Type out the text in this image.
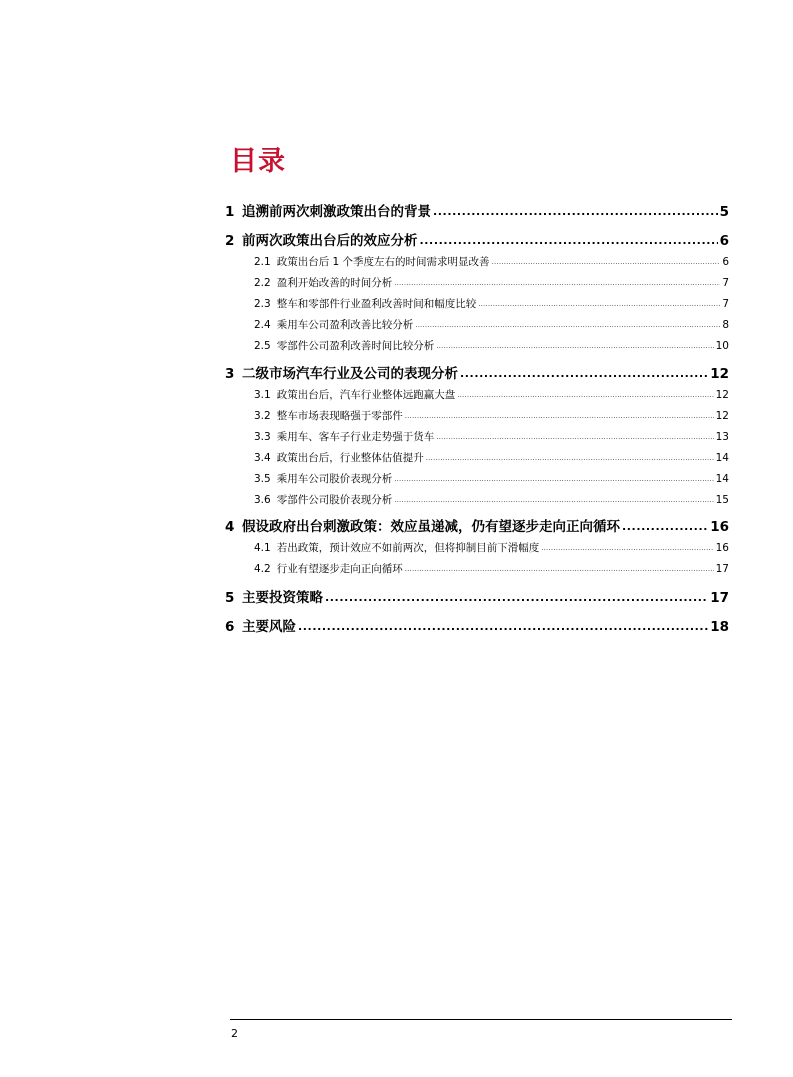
目录
1 追溯前两次刺激政策出台的背景 .....	5
2 前两次政策出台后的效应分析 .....	6
2.1 政策出台后 1 个季度左右的时间需求明显改善 .....	6
2.2 盈利开始改善的时间分析 .....	7
2.3 整车和零部件行业盈利改善时间和幅度比较 .....	7
2.4 乘用车公司盈利改善比较分析 .....	8
2.5 零部件公司盈利改善时间比较分析 .....	10
3 二级市场汽车行业及公司的表现分析 .....	12
3.1 政策出台后，汽车行业整体远跑赢大盘 .....	12
3.2 整车市场表现略强于零部件 .....	12
3.3 乘用车、客车子行业走势强于货车 .....	13
3.4 政策出台后，行业整体估值提升 .....	14
3.5 乘用车公司股价表现分析 .....	14
3.6 零部件公司股价表现分析 .....	15
4 假设政府出台刺激政策：效应虽递减，仍有望逐步走向正向循环 .....	16
4.1 若出政策，预计效应不如前两次，但将抑制目前下滑幅度 .....	16
4.2 行业有望逐步走向正向循环 .....	17
5 主要投资策略 .....	17
6 主要风险 .....	18

2
